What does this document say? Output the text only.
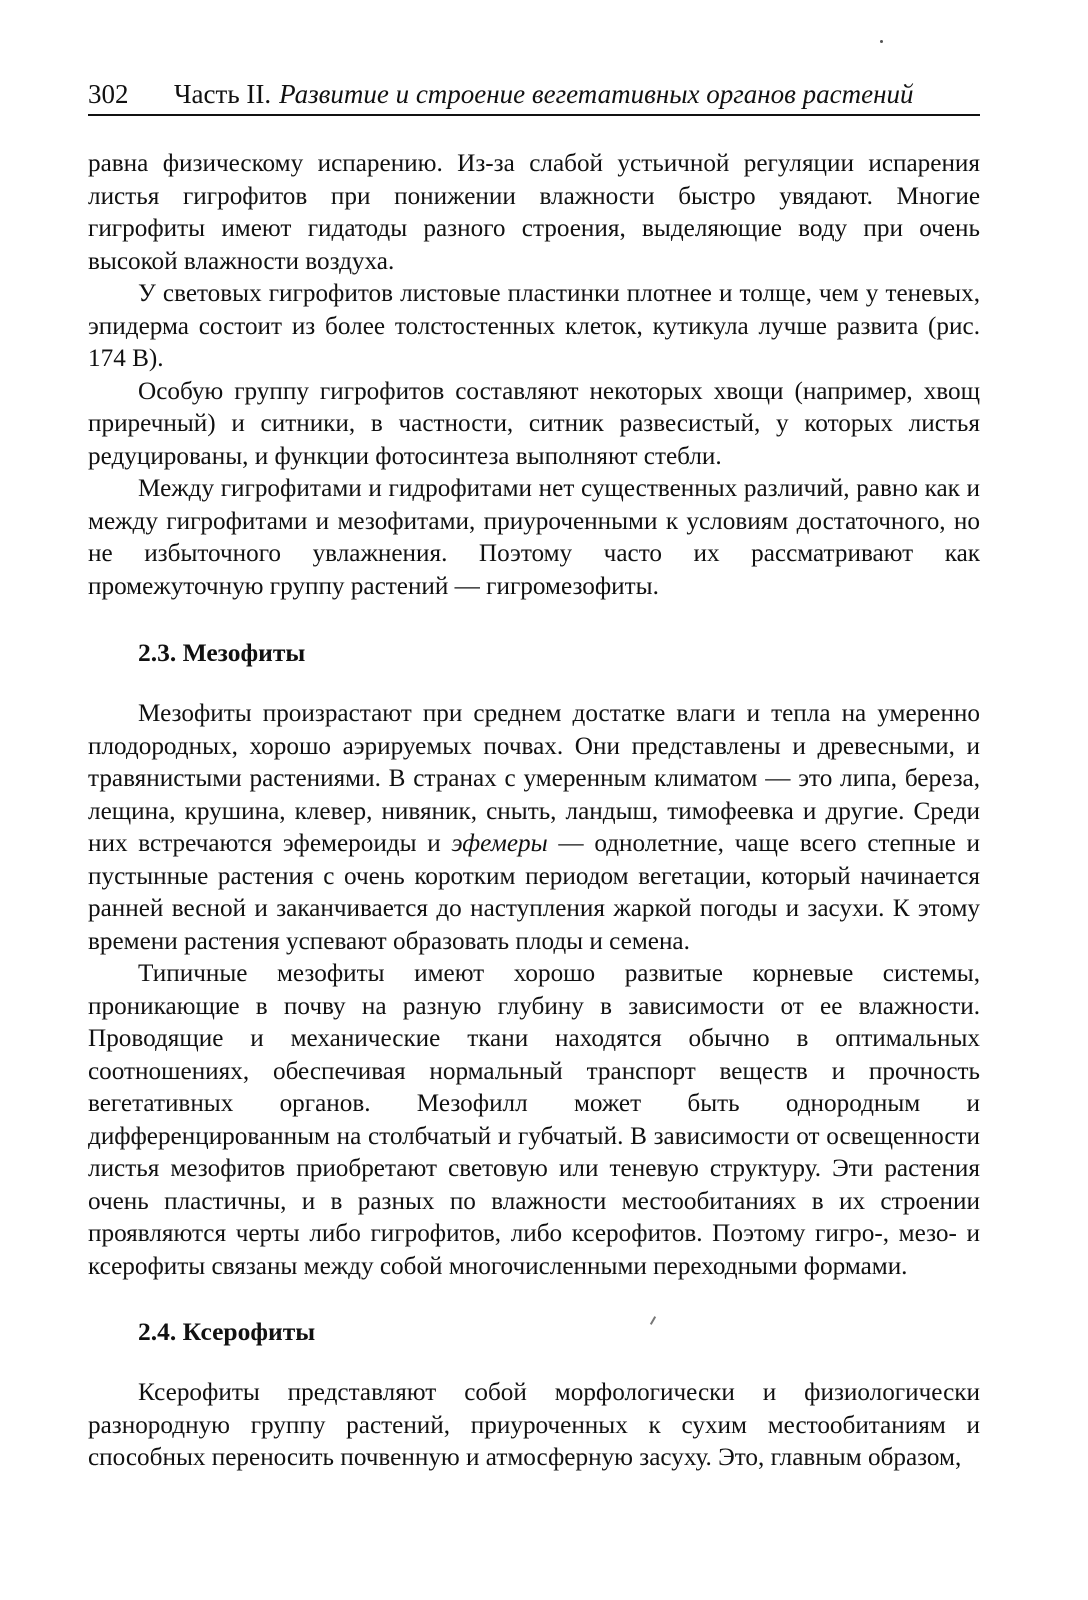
302 Часть II. Развитие и строение вегетативных органов растений

равна физическому испарению. Из-за слабой устьичной регуляции испарения листья гигрофитов при понижении влажности быстро увядают. Многие гигрофиты имеют гидатоды разного строения, выделяющие воду при очень высокой влажности воздуха.

У световых гигрофитов листовые пластинки плотнее и толще, чем у теневых, эпидерма состоит из более толстостенных клеток, кутикула лучше развита (рис. 174 В).

Особую группу гигрофитов составляют некоторых хвощи (например, хвощ приречный) и ситники, в частности, ситник развесистый, у которых листья редуцированы, и функции фотосинтеза выполняют стебли.

Между гигрофитами и гидрофитами нет существенных различий, равно как и между гигрофитами и мезофитами, приуроченными к условиям достаточного, но не избыточного увлажнения. Поэтому часто их рассматривают как промежуточную группу растений — гигромезофиты.

2.3. Мезофиты

Мезофиты произрастают при среднем достатке влаги и тепла на умеренно плодородных, хорошо аэрируемых почвах. Они представлены и древесными, и травянистыми растениями. В странах с умеренным климатом — это липа, береза, лещина, крушина, клевер, нивяник, сныть, ландыш, тимофеевка и другие. Среди них встречаются эфемероиды и эфемеры — однолетние, чаще всего степные и пустынные растения с очень коротким периодом вегетации, который начинается ранней весной и заканчивается до наступления жаркой погоды и засухи. К этому времени растения успевают образовать плоды и семена.

Типичные мезофиты имеют хорошо развитые корневые системы, проникающие в почву на разную глубину в зависимости от ее влажности. Проводящие и механические ткани находятся обычно в оптимальных соотношениях, обеспечивая нормальный транспорт веществ и прочность вегетативных органов. Мезофилл может быть однородным и дифференцированным на столбчатый и губчатый. В зависимости от освещенности листья мезофитов приобретают световую или теневую структуру. Эти растения очень пластичны, и в разных по влажности местообитаниях в их строении проявляются черты либо гигрофитов, либо ксерофитов. Поэтому гигро-, мезо- и ксерофиты связаны между собой многочисленными переходными формами.

2.4. Ксерофиты

Ксерофиты представляют собой морфологически и физиологически разнородную группу растений, приуроченных к сухим местообитаниям и способных переносить почвенную и атмосферную засуху. Это, главным образом,
